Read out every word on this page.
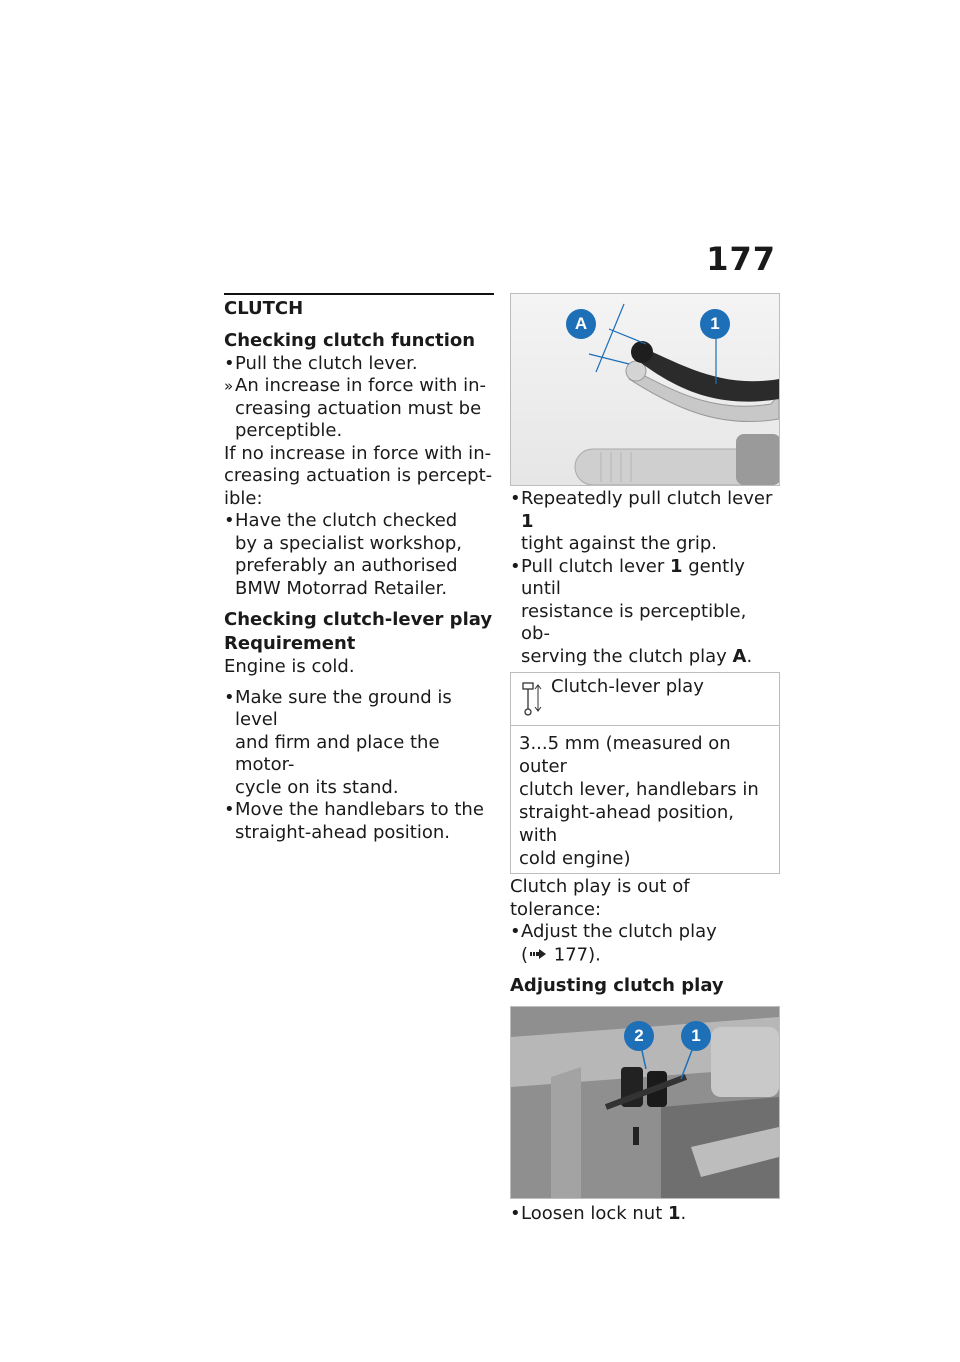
177
CLUTCH
Checking clutch function

• Pull the clutch lever.

» An increase in force with in-
creasing actuation must be
perceptible.
If no increase in force with in-
creasing actuation is percept-
ible:
• Have the clutch checked
by a specialist workshop,
preferably an authorised
BMW Motorrad Retailer.
Checking clutch-lever play
Requirement

Engine is cold.

• Make sure the ground is level
and firm and place the motor-
cycle on its stand.
• Move the handlebars to the
straight-ahead position.
A	1
• Repeatedly pull clutch lever 1
tight against the grip.
• Pull clutch lever 1 gently until
resistance is perceptible, ob-
serving the clutch play A.
Clutch-lever play
3...5 mm (measured on outer
clutch lever, handlebars in
straight-ahead position, with
cold engine)

Clutch play is out of tolerance:

• Adjust the clutch play
( 177).
Adjusting clutch play
2	1
• Loosen lock nut 1.
